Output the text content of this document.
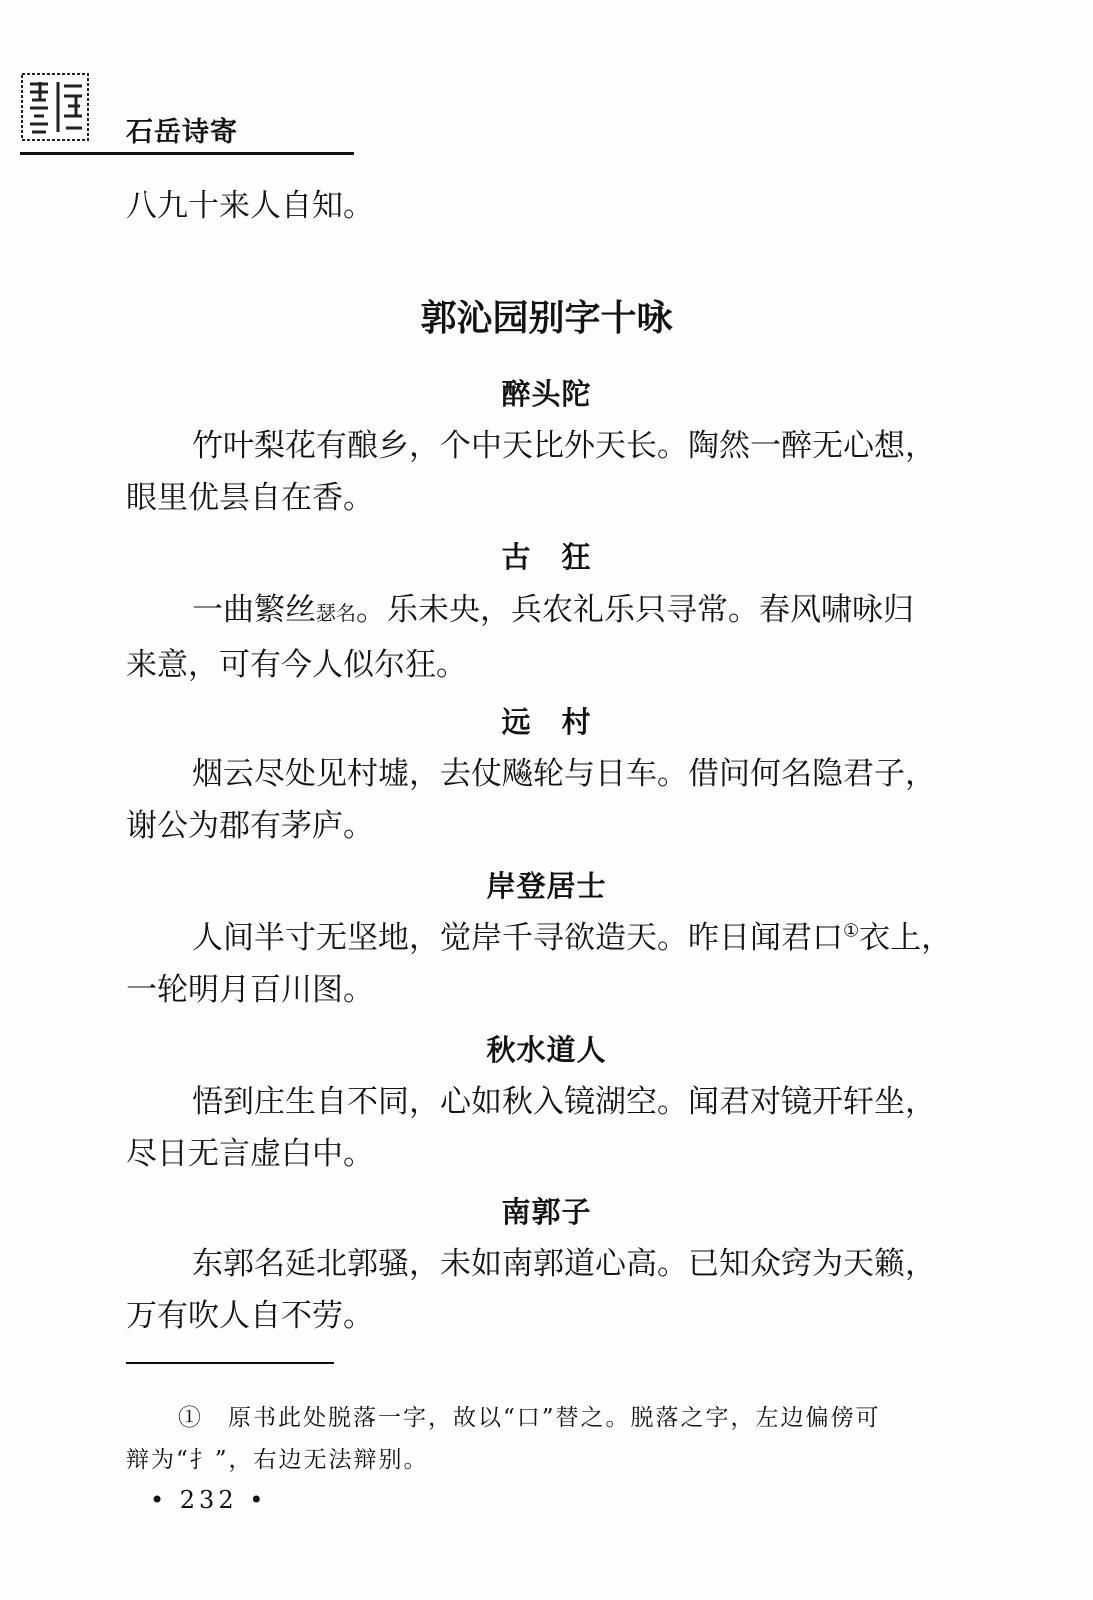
石岳诗寄
八九十来人自知。
郭沁园别字十咏
醉头陀
竹叶梨花有酿乡，个中天比外天长。陶然一醉无心想，
眼里优昙自在香。
古　狂
一曲繁丝瑟名。乐未央，兵农礼乐只寻常。春风啸咏归
来意，可有今人似尔狂。
远　村
烟云尽处见村墟，去仗飚轮与日车。借问何名隐君子，
谢公为郡有茅庐。
岸登居士
人间半寸无坚地，觉岸千寻欲造天。昨日闻君口①衣上，
一轮明月百川图。
秋水道人
悟到庄生自不同，心如秋入镜湖空。闻君对镜开轩坐，
尽日无言虚白中。
南郭子
东郭名延北郭骚，未如南郭道心高。已知众窍为天籁，
万有吹人自不劳。
①　原书此处脱落一字，故以“口”替之。脱落之字，左边偏傍可
辩为“扌”，右边无法辩别。
• 232 •
